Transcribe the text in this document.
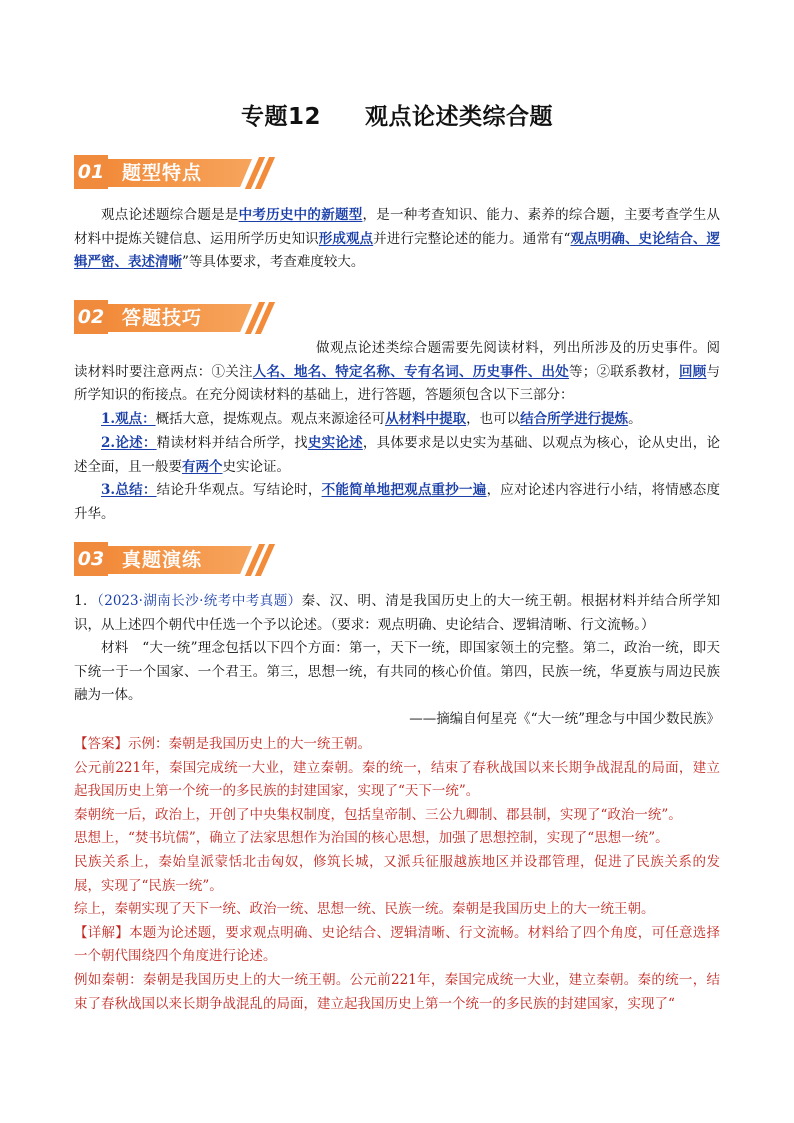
专题12 观点论述类综合题
01 题型特点
观点论述题综合题是是中考历史中的新题型，是一种考查知识、能力、素养的综合题，主要考查学生从材料中提炼关键信息、运用所学历史知识形成观点并进行完整论述的能力。通常有“观点明确、史论结合、逻辑严密、表述清晰”等具体要求，考查难度较大。
02 答题技巧
做观点论述类综合题需要先阅读材料，列出所涉及的历史事件。阅读材料时要注意两点：①关注人名、地名、特定名称、专有名词、历史事件、出处等；②联系教材，回顾与所学知识的衔接点。在充分阅读材料的基础上，进行答题，答题须包含以下三部分：
1.观点：概括大意，提炼观点。观点来源途径可从材料中提取，也可以结合所学进行提炼。
2.论述：精读材料并结合所学，找史实论述，具体要求是以史实为基础、以观点为核心，论从史出，论述全面，且一般要有两个史实论证。
3.总结：结论升华观点。写结论时，不能简单地把观点重抄一遍，应对论述内容进行小结，将情感态度升华。
03 真题演练
1．（2023·湖南长沙·统考中考真题）秦、汉、明、清是我国历史上的大一统王朝。根据材料并结合所学知识，从上述四个朝代中任选一个予以论述。（要求：观点明确、史论结合、逻辑清晰、行文流畅。）
材料　“大一统”理念包括以下四个方面：第一，天下一统，即国家领土的完整。第二，政治一统，即天下统一于一个国家、一个君王。第三，思想一统，有共同的核心价值。第四，民族一统，华夏族与周边民族融为一体。
——摘编自何星亮《“大一统”理念与中国少数民族》
【答案】示例：秦朝是我国历史上的大一统王朝。
公元前221年，秦国完成统一大业，建立秦朝。秦的统一，结束了春秋战国以来长期争战混乱的局面，建立起我国历史上第一个统一的多民族的封建国家，实现了“天下一统”。
秦朝统一后，政治上，开创了中央集权制度，包括皇帝制、三公九卿制、郡县制，实现了“政治一统”。
思想上，“焚书坑儒”，确立了法家思想作为治国的核心思想，加强了思想控制，实现了“思想一统”。
民族关系上，秦始皇派蒙恬北击匈奴，修筑长城，又派兵征服越族地区并设郡管理，促进了民族关系的发展，实现了“民族一统”。
综上，秦朝实现了天下一统、政治一统、思想一统、民族一统。秦朝是我国历史上的大一统王朝。
【详解】本题为论述题，要求观点明确、史论结合、逻辑清晰、行文流畅。材料给了四个角度，可任意选择一个朝代围绕四个角度进行论述。
例如秦朝：秦朝是我国历史上的大一统王朝。公元前221年，秦国完成统一大业，建立秦朝。秦的统一，结束了春秋战国以来长期争战混乱的局面，建立起我国历史上第一个统一的多民族的封建国家，实现了“
